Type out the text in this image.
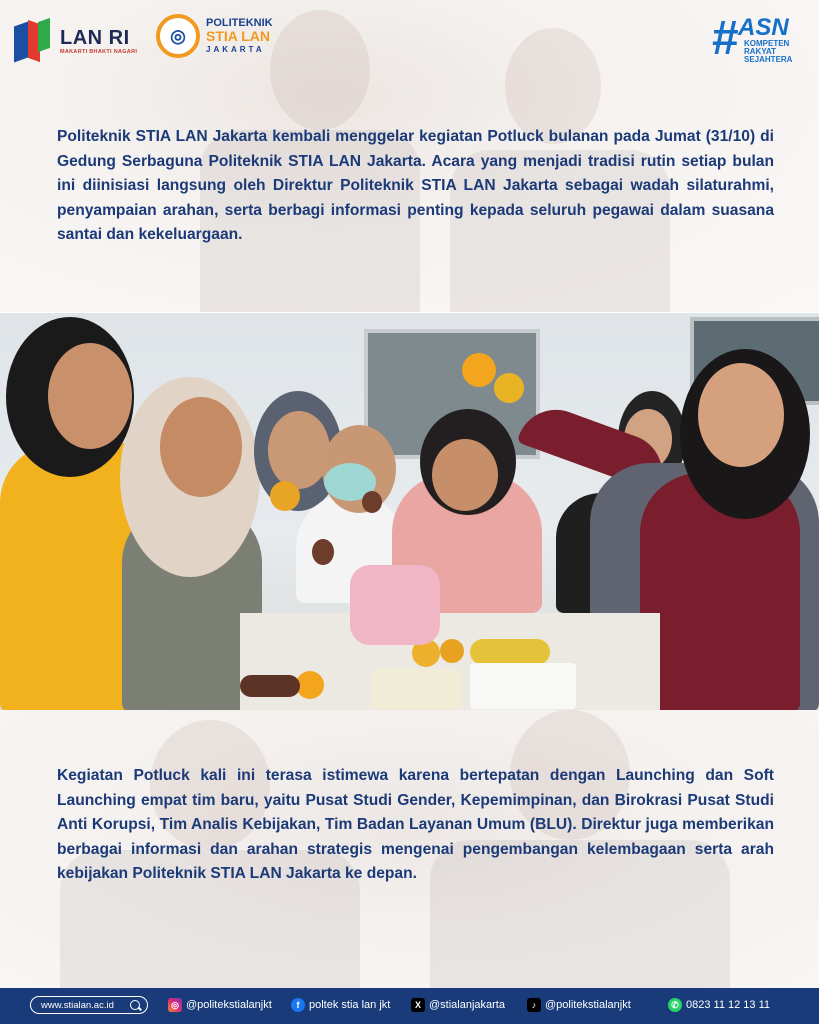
LAN RI
MAKARTI BHAKTI NAGARI
◎
POLITEKNIK
STIA LAN
JAKARTA	# ASN
KOMPETEN RAKYAT SEJAHTERA

Politeknik STIA LAN Jakarta kembali menggelar kegiatan Potluck bulanan pada Jumat (31/10) di Gedung Serbaguna Politeknik STIA LAN Jakarta. Acara yang menjadi tradisi rutin setiap bulan ini diinisiasi langsung oleh Direktur Politeknik STIA LAN Jakarta sebagai wadah silaturahmi, penyampaian arahan, serta berbagi informasi penting kepada seluruh pegawai dalam suasana santai dan kekeluargaan.

Kegiatan Potluck kali ini terasa istimewa karena bertepatan dengan Launching dan Soft Launching empat tim baru, yaitu Pusat Studi Gender, Kepemimpinan, dan Birokrasi Pusat Studi Anti Korupsi, Tim Analis Kebijakan, Tim Badan Layanan Umum (BLU). Direktur juga memberikan berbagai informasi dan arahan strategis mengenai pengembangan kelembagaan serta arah kebijakan Politeknik STIA LAN Jakarta ke depan.

www.stialan.ac.id	◎ @politekstialanjkt	f poltek stia lan jkt	X @stialanjakarta	♪ @politekstialanjkt	✆ 0823 11 12 13 11
